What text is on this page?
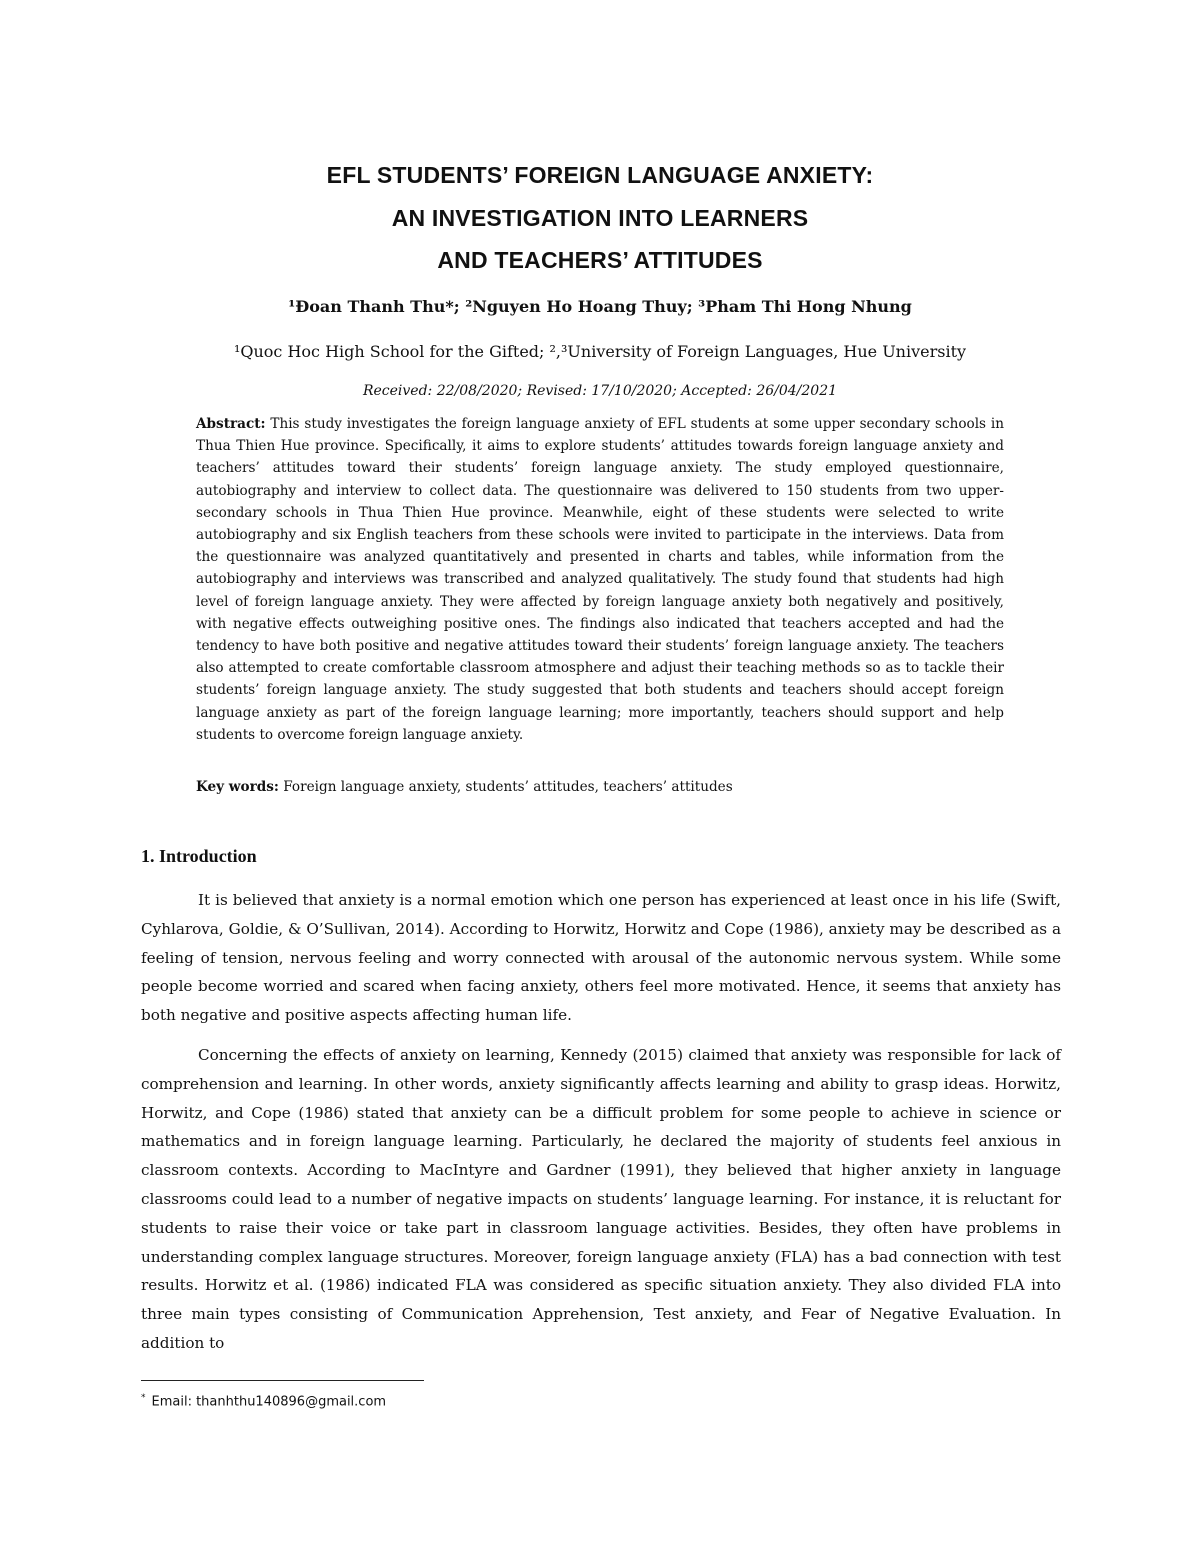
EFL STUDENTS’ FOREIGN LANGUAGE ANXIETY:
AN INVESTIGATION INTO LEARNERS
AND TEACHERS’ ATTITUDES
¹Đoan Thanh Thu*; ²Nguyen Ho Hoang Thuy; ³Pham Thi Hong Nhung
¹Quoc Hoc High School for the Gifted; ²,³University of Foreign Languages, Hue University
Received: 22/08/2020; Revised: 17/10/2020; Accepted: 26/04/2021
Abstract: This study investigates the foreign language anxiety of EFL students at some upper secondary schools in Thua Thien Hue province. Specifically, it aims to explore students’ attitudes towards foreign language anxiety and teachers’ attitudes toward their students’ foreign language anxiety. The study employed questionnaire, autobiography and interview to collect data. The questionnaire was delivered to 150 students from two upper-secondary schools in Thua Thien Hue province. Meanwhile, eight of these students were selected to write autobiography and six English teachers from these schools were invited to participate in the interviews. Data from the questionnaire was analyzed quantitatively and presented in charts and tables, while information from the autobiography and interviews was transcribed and analyzed qualitatively. The study found that students had high level of foreign language anxiety. They were affected by foreign language anxiety both negatively and positively, with negative effects outweighing positive ones. The findings also indicated that teachers accepted and had the tendency to have both positive and negative attitudes toward their students’ foreign language anxiety. The teachers also attempted to create comfortable classroom atmosphere and adjust their teaching methods so as to tackle their students’ foreign language anxiety. The study suggested that both students and teachers should accept foreign language anxiety as part of the foreign language learning; more importantly, teachers should support and help students to overcome foreign language anxiety.
Key words: Foreign language anxiety, students’ attitudes, teachers’ attitudes
1. Introduction
It is believed that anxiety is a normal emotion which one person has experienced at least once in his life (Swift, Cyhlarova, Goldie, & O’Sullivan, 2014). According to Horwitz, Horwitz and Cope (1986), anxiety may be described as a feeling of tension, nervous feeling and worry connected with arousal of the autonomic nervous system. While some people become worried and scared when facing anxiety, others feel more motivated. Hence, it seems that anxiety has both negative and positive aspects affecting human life.
Concerning the effects of anxiety on learning, Kennedy (2015) claimed that anxiety was responsible for lack of comprehension and learning. In other words, anxiety significantly affects learning and ability to grasp ideas. Horwitz, Horwitz, and Cope (1986) stated that anxiety can be a difficult problem for some people to achieve in science or mathematics and in foreign language learning. Particularly, he declared the majority of students feel anxious in classroom contexts. According to MacIntyre and Gardner (1991), they believed that higher anxiety in language classrooms could lead to a number of negative impacts on students’ language learning. For instance, it is reluctant for students to raise their voice or take part in classroom language activities. Besides, they often have problems in understanding complex language structures. Moreover, foreign language anxiety (FLA) has a bad connection with test results. Horwitz et al. (1986) indicated FLA was considered as specific situation anxiety. They also divided FLA into three main types consisting of Communication Apprehension, Test anxiety, and Fear of Negative Evaluation. In addition to
* Email: thanhthu140896@gmail.com
